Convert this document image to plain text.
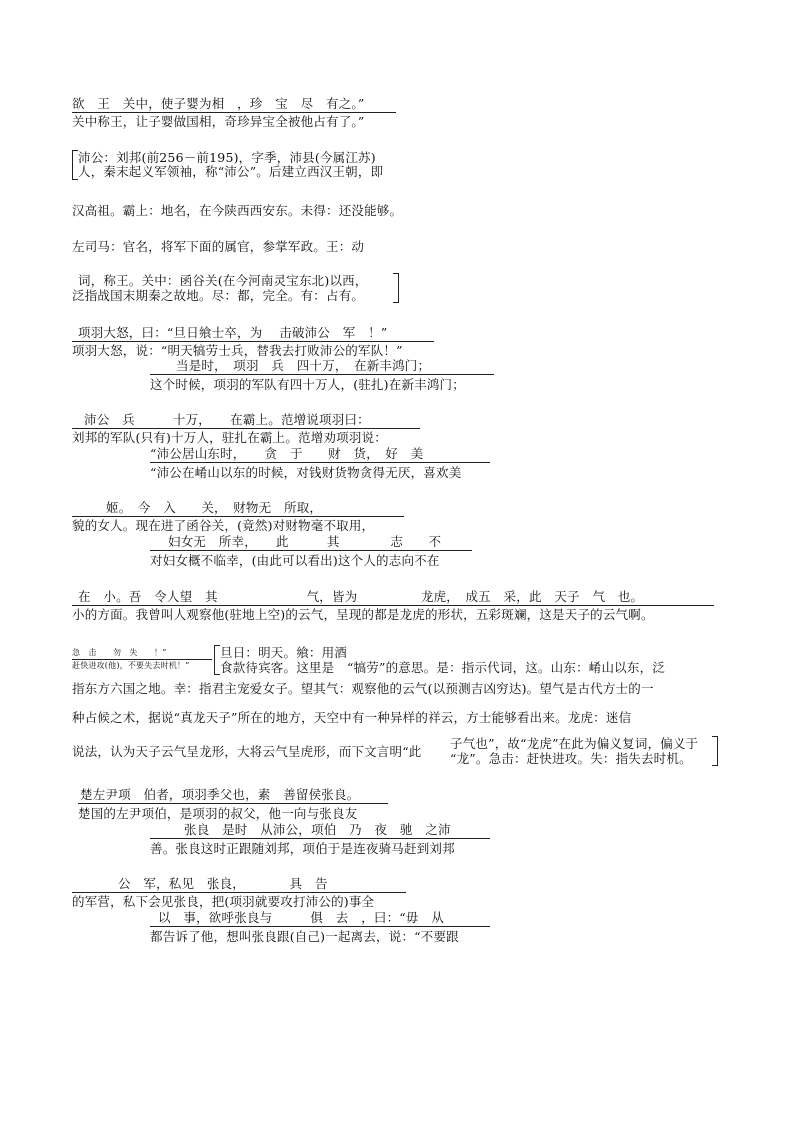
欲　王　关中，使子婴为相　，珍　宝　尽　有之。”
关中称王，让子婴做国相，奇珍异宝全被他占有了。”
沛公：刘邦(前256－前195)，字季，沛县(今属江苏)
人，秦末起义军领袖，称“沛公”。后建立西汉王朝，即
汉高祖。霸上：地名，在今陕西西安东。未得：还没能够。
左司马：官名，将军下面的属官，参掌军政。王：动
词，称王。关中：函谷关(在今河南灵宝东北)以西，
泛指战国末期秦之故地。尽：都，完全。有：占有。
项羽大怒，曰：“旦日飨士卒，为　 击破沛公　军　！”
项羽大怒，说：“明天犒劳士兵，替我去打败沛公的军队！”
当是时，　项羽　兵　四十万，　在新丰鸿门；
这个时候，项羽的军队有四十万人，(驻扎)在新丰鸿门；
沛公　兵　　　十万，　　在霸上。范增说项羽曰：
刘邦的军队(只有)十万人，驻扎在霸上。范增劝项羽说：
“沛公居山东时，　　贪　于　　财　货，　好　美
“沛公在崤山以东的时候，对钱财货物贪得无厌，喜欢美
姬。　今　入　　关，　财物无　所取，
貌的女人。现在进了函谷关，(竟然)对财物毫不取用，
妇女无　所幸，　　此　　　其　　　　志　　不
对妇女概不临幸，(由此可以看出)这个人的志向不在
在　小。吾　令人望　其　　　　　　　气，皆为　　　　　龙虎，　成五　采，此　天子　气　也。
小的方面。我曾叫人观察他(驻地上空)的云气，呈现的都是龙虎的形状，五彩斑斓，这是天子的云气啊。
急　击　　勿　失　　！”
赶快进攻(他)，不要失去时机！”
旦日：明天。飨：用酒
食款待宾客。这里是　“犒劳”的意思。是：指示代词，这。山东：崤山以东，泛
指东方六国之地。幸：指君主宠爱女子。望其气：观察他的云气(以预测吉凶穷达)。望气是古代方士的一
种占候之术，据说“真龙天子”所在的地方，天空中有一种异样的祥云，方士能够看出来。龙虎：迷信
说法，认为天子云气呈龙形，大将云气呈虎形，而下文言明“此
子气也”，故“龙虎”在此为偏义复词，偏义于
“龙”。急击：赶快进攻。失：指失去时机。
楚左尹项　伯者，项羽季父也，素　善留侯张良。
楚国的左尹项伯，是项羽的叔父，他一向与张良友
张良　是时　从沛公，项伯　乃　夜　驰　之沛
善。张良这时正跟随刘邦，项伯于是连夜骑马赶到刘邦
公　军，私见　张良，　　　　具　告
的军营，私下会见张良，把(项羽就要攻打沛公的)事全
以　事，欲呼张良与　　　俱　去　，曰：“毋　从
都告诉了他，想叫张良跟(自己)一起离去，说：“不要跟
